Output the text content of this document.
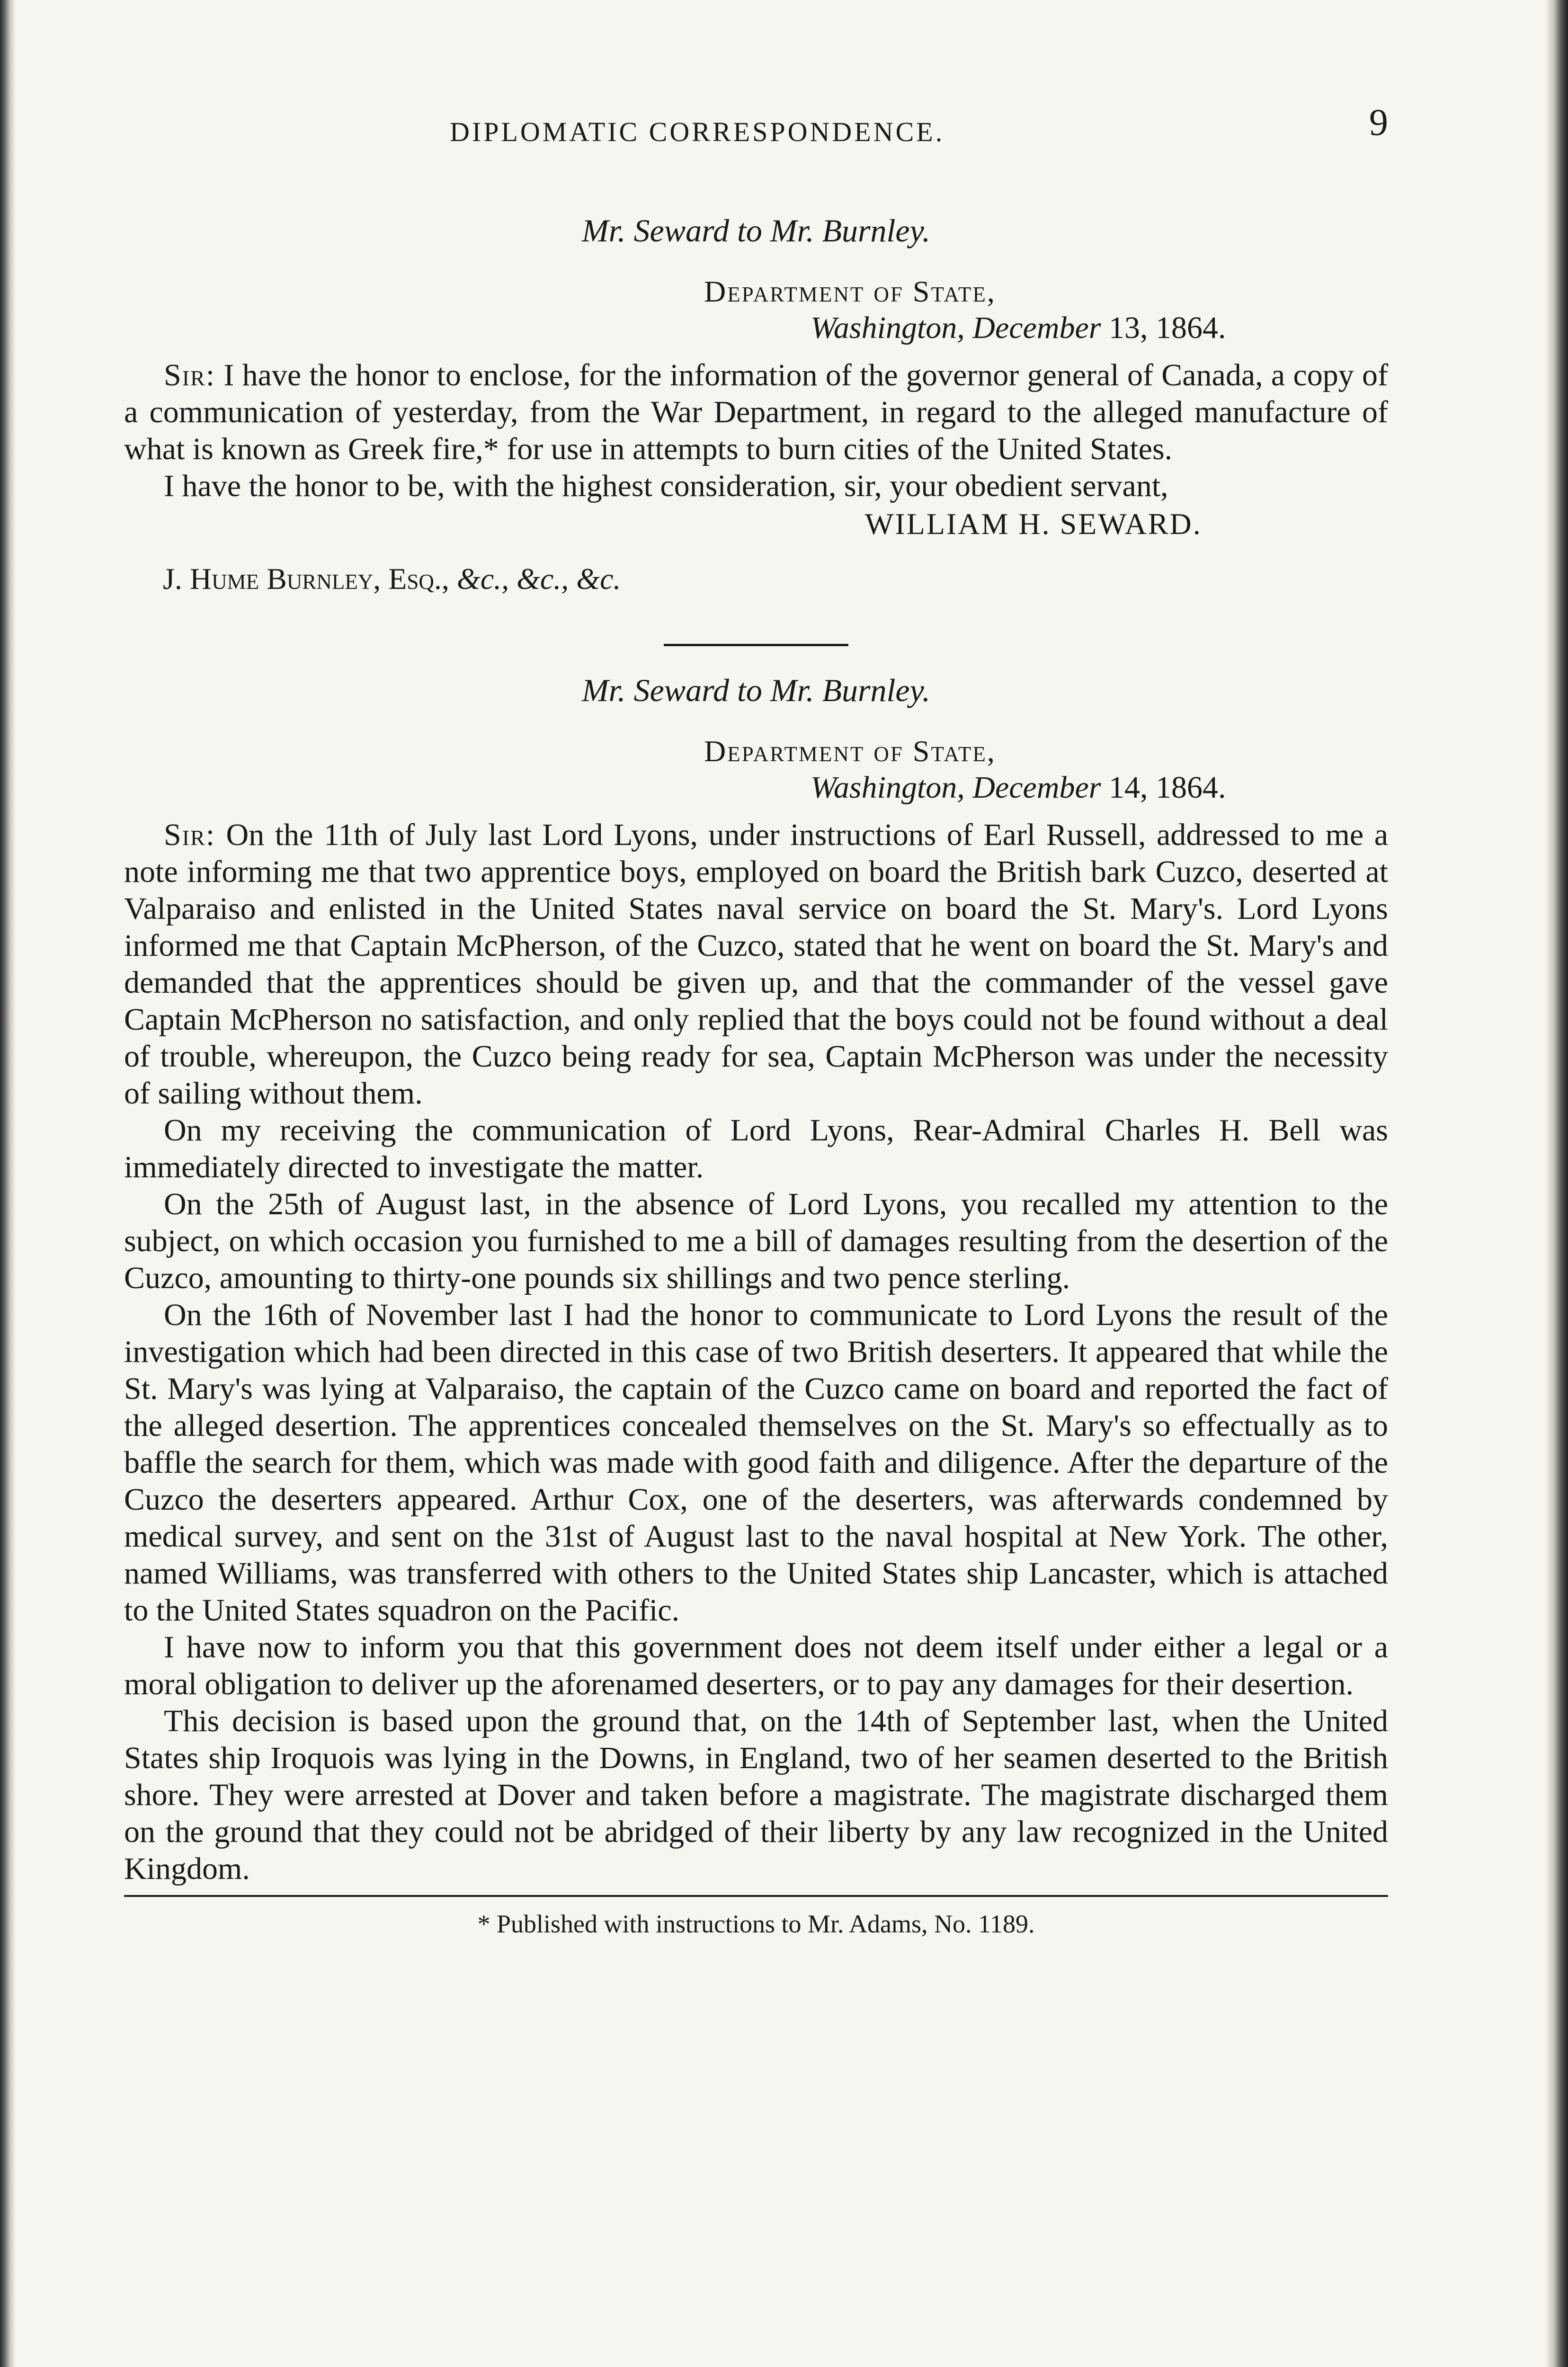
DIPLOMATIC CORRESPONDENCE.	9
Mr. Seward to Mr. Burnley.
Department of State,
Washington, December 13, 1864.

Sir: I have the honor to enclose, for the information of the governor general of Canada, a copy of a communication of yesterday, from the War Department, in regard to the alleged manufacture of what is known as Greek fire,* for use in attempts to burn cities of the United States.

I have the honor to be, with the highest consideration, sir, your obedient servant,

WILLIAM H. SEWARD.
J. Hume Burnley, Esq., &c., &c., &c.
Mr. Seward to Mr. Burnley.
Department of State,
Washington, December 14, 1864.

Sir: On the 11th of July last Lord Lyons, under instructions of Earl Russell, addressed to me a note informing me that two apprentice boys, employed on board the British bark Cuzco, deserted at Valparaiso and enlisted in the United States naval service on board the St. Mary's. Lord Lyons informed me that Captain McPherson, of the Cuzco, stated that he went on board the St. Mary's and demanded that the apprentices should be given up, and that the commander of the vessel gave Captain McPherson no satisfaction, and only replied that the boys could not be found without a deal of trouble, whereupon, the Cuzco being ready for sea, Captain McPherson was under the necessity of sailing without them.

On my receiving the communication of Lord Lyons, Rear-Admiral Charles H. Bell was immediately directed to investigate the matter.

On the 25th of August last, in the absence of Lord Lyons, you recalled my attention to the subject, on which occasion you furnished to me a bill of damages resulting from the desertion of the Cuzco, amounting to thirty-one pounds six shillings and two pence sterling.

On the 16th of November last I had the honor to communicate to Lord Lyons the result of the investigation which had been directed in this case of two British deserters. It appeared that while the St. Mary's was lying at Valparaiso, the captain of the Cuzco came on board and reported the fact of the alleged desertion. The apprentices concealed themselves on the St. Mary's so effectually as to baffle the search for them, which was made with good faith and diligence. After the departure of the Cuzco the deserters appeared. Arthur Cox, one of the deserters, was afterwards condemned by medical survey, and sent on the 31st of August last to the naval hospital at New York. The other, named Williams, was transferred with others to the United States ship Lancaster, which is attached to the United States squadron on the Pacific.

I have now to inform you that this government does not deem itself under either a legal or a moral obligation to deliver up the aforenamed deserters, or to pay any damages for their desertion.

This decision is based upon the ground that, on the 14th of September last, when the United States ship Iroquois was lying in the Downs, in England, two of her seamen deserted to the British shore. They were arrested at Dover and taken before a magistrate. The magistrate discharged them on the ground that they could not be abridged of their liberty by any law recognized in the United Kingdom.

* Published with instructions to Mr. Adams, No. 1189.
